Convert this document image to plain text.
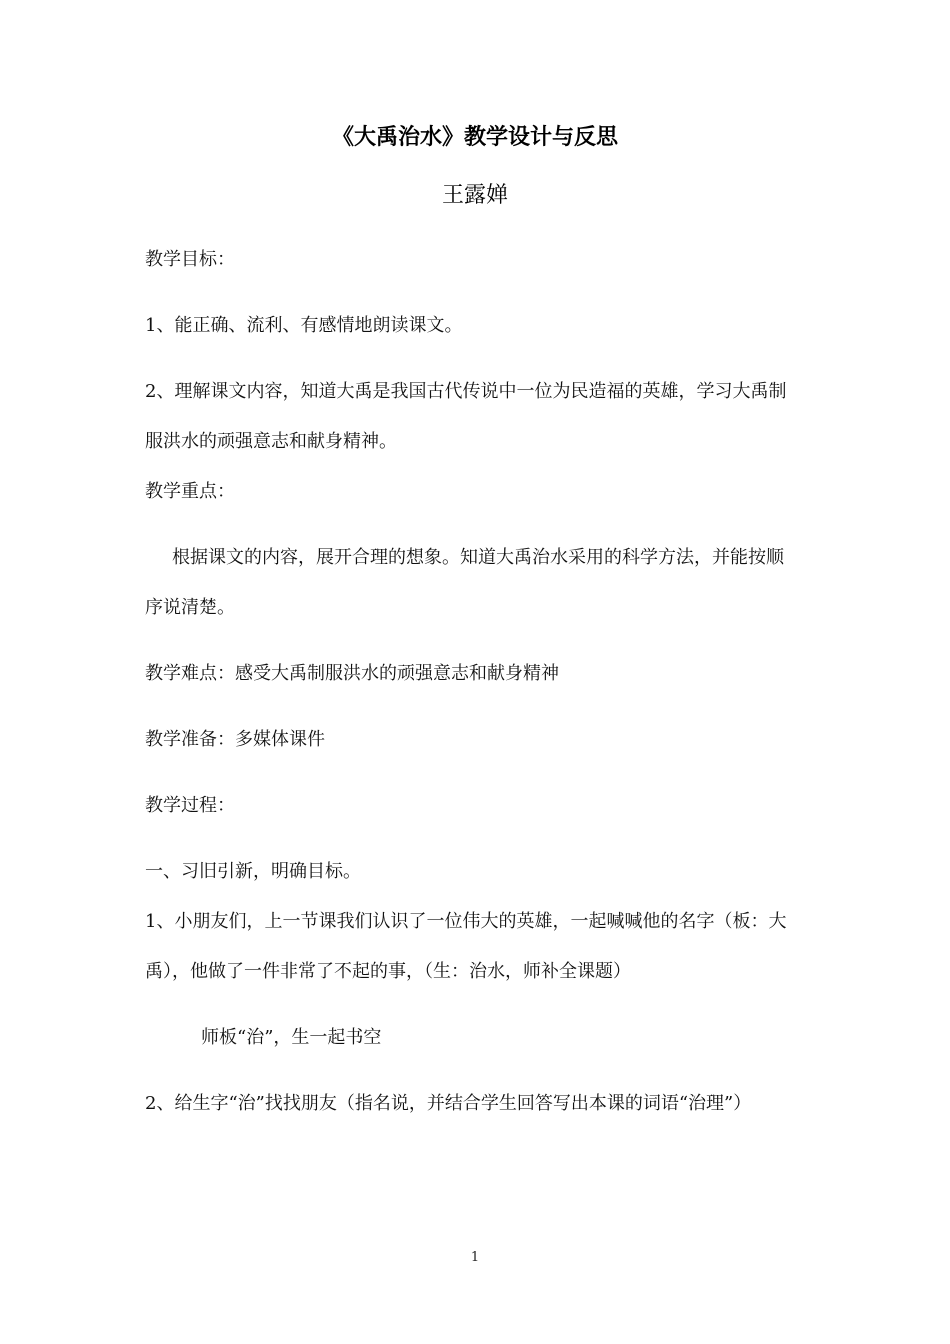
《大禹治水》教学设计与反思
王露婵
教学目标：
1、能正确、流利、有感情地朗读课文。
2、理解课文内容，知道大禹是我国古代传说中一位为民造福的英雄，学习大禹制
服洪水的顽强意志和献身精神。
教学重点：
根据课文的内容，展开合理的想象。知道大禹治水采用的科学方法，并能按顺
序说清楚。
教学难点：感受大禹制服洪水的顽强意志和献身精神
教学准备：多媒体课件
教学过程：
一、习旧引新，明确目标。
1、小朋友们，上一节课我们认识了一位伟大的英雄，一起喊喊他的名字（板：大
禹），他做了一件非常了不起的事，（生：治水，师补全课题）
师板“治”，生一起书空
2、给生字“治”找找朋友（指名说，并结合学生回答写出本课的词语“治理”）
1
